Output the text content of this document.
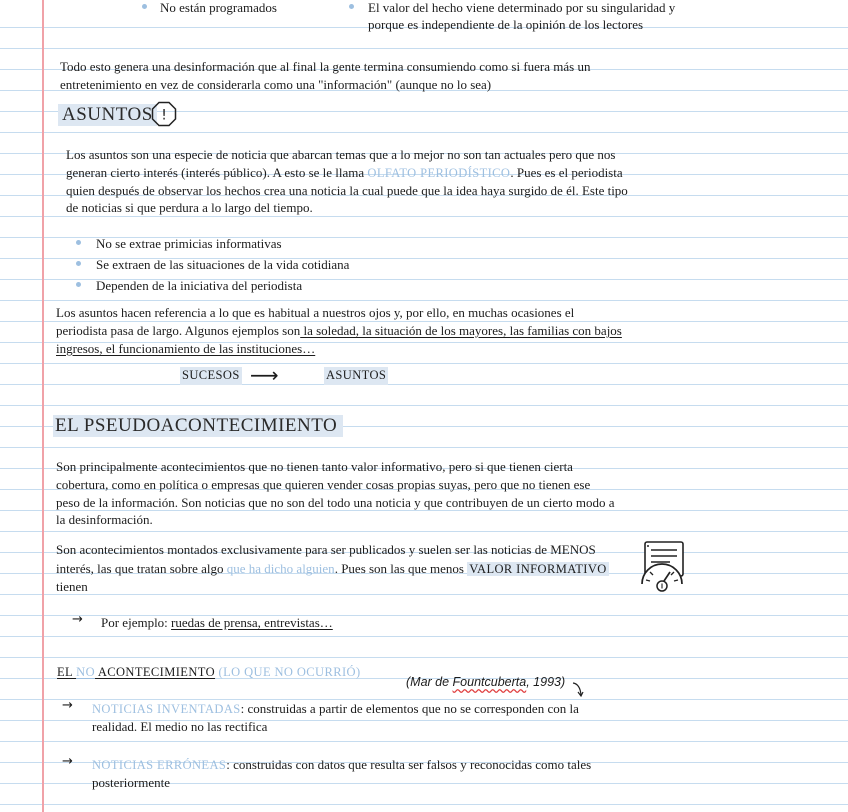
No están programados	El valor del hecho viene determinado por su singularidad y
porque es independiente de la opinión de los lectores
Todo esto genera una desinformación que al final la gente termina consumiendo como si fuera más un
entretenimiento en vez de considerarla como una "información" (aunque no lo sea)
ASUNTOS !
Los asuntos son una especie de noticia que abarcan temas que a lo mejor no son tan actuales pero que nos
generan cierto interés (interés público). A esto se le llama OLFATO PERIODÍSTICO. Pues es el periodista
quien después de observar los hechos crea una noticia la cual puede que la idea haya surgido de él. Este tipo
de noticias si que perdura a lo largo del tiempo.
No se extrae primicias informativas
Se extraen de las situaciones de la vida cotidiana
Dependen de la iniciativa del periodista
Los asuntos hacen referencia a lo que es habitual a nuestros ojos y, por ello, en muchas ocasiones el
periodista pasa de largo. Algunos ejemplos son la soledad, la situación de los mayores, las familias con bajos
ingresos, el funcionamiento de las instituciones…
SUCESOS ⟶	ASUNTOS
EL PSEUDOACONTECIMIENTO
Son principalmente acontecimientos que no tienen tanto valor informativo, pero si que tienen cierta
cobertura, como en política o empresas que quieren vender cosas propias suyas, pero que no tienen ese
peso de la información. Son noticias que no son del todo una noticia y que contribuyen de un cierto modo a
la desinformación.
Son acontecimientos montados exclusivamente para ser publicados y suelen ser las noticias de MENOS
interés, las que tratan sobre algo que ha dicho alguien. Pues son las que menos VALOR INFORMATIVO
tienen
→ Por ejemplo: ruedas de prensa, entrevistas…
EL NO ACONTECIMIENTO (LO QUE NO OCURRIÓ)
(Mar de Fountcuberta, 1993)
→ NOTICIAS INVENTADAS: construidas a partir de elementos que no se corresponden con la
realidad. El medio no las rectifica
→ NOTICIAS ERRÓNEAS: construidas con datos que resulta ser falsos y reconocidas como tales
posteriormente
